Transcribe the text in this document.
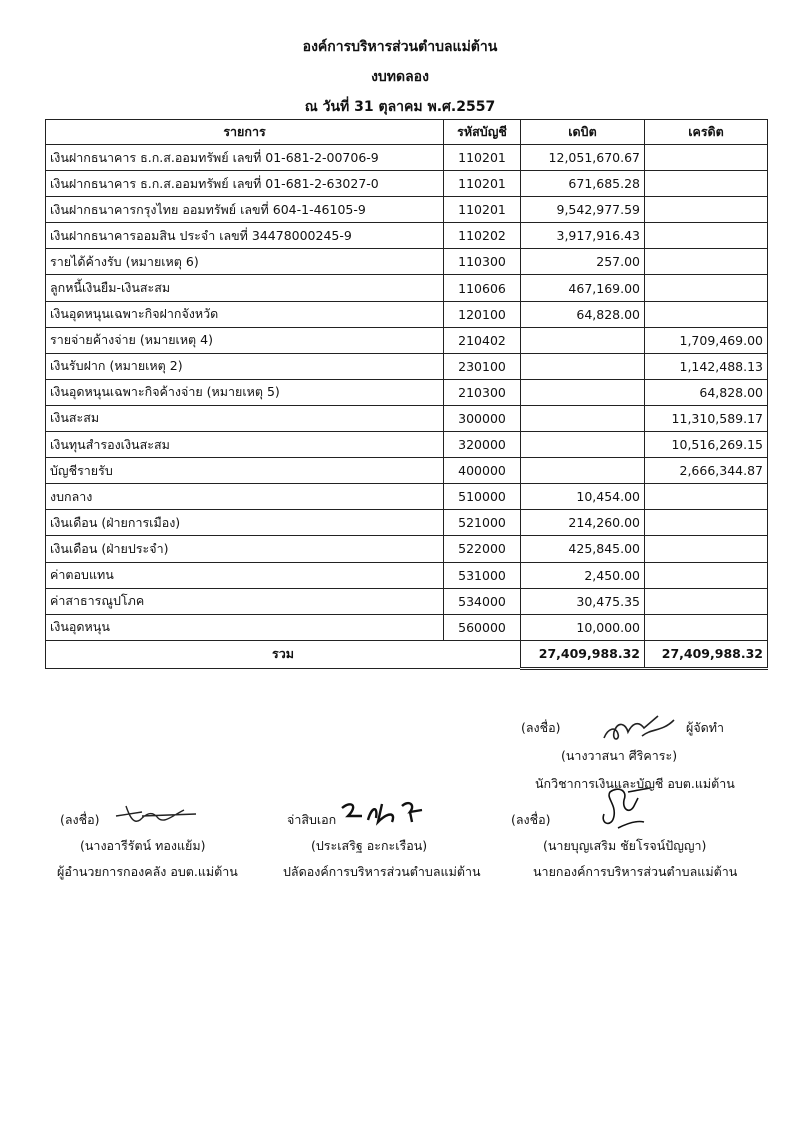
องค์การบริหารส่วนตำบลแม่ต้าน
งบทดลอง
ณ วันที่ 31 ตุลาคม พ.ศ.2557
รายการ	รหัสบัญชี	เดบิต	เครดิต
เงินฝากธนาคาร ธ.ก.ส.ออมทรัพย์ เลขที่ 01-681-2-00706-9	110201	12,051,670.67	
เงินฝากธนาคาร ธ.ก.ส.ออมทรัพย์ เลขที่ 01-681-2-63027-0	110201	671,685.28	
เงินฝากธนาคารกรุงไทย ออมทรัพย์ เลขที่ 604-1-46105-9	110201	9,542,977.59	
เงินฝากธนาคารออมสิน ประจำ เลขที่ 34478000245-9	110202	3,917,916.43	
รายได้ค้างรับ (หมายเหตุ 6)	110300	257.00	
ลูกหนี้เงินยืม-เงินสะสม	110606	467,169.00	
เงินอุดหนุนเฉพาะกิจฝากจังหวัด	120100	64,828.00	
รายจ่ายค้างจ่าย (หมายเหตุ 4)	210402		1,709,469.00
เงินรับฝาก (หมายเหตุ 2)	230100		1,142,488.13
เงินอุดหนุนเฉพาะกิจค้างจ่าย (หมายเหตุ 5)	210300		64,828.00
เงินสะสม	300000		11,310,589.17
เงินทุนสำรองเงินสะสม	320000		10,516,269.15
บัญชีรายรับ	400000		2,666,344.87
งบกลาง	510000	10,454.00	
เงินเดือน (ฝ่ายการเมือง)	521000	214,260.00	
เงินเดือน (ฝ่ายประจำ)	522000	425,845.00	
ค่าตอบแทน	531000	2,450.00	
ค่าสาธารณูปโภค	534000	30,475.35	
เงินอุดหนุน	560000	10,000.00	
รวม		27,409,988.32	27,409,988.32
(ลงชื่อ)	ผู้จัดทำ
(นางวาสนา ศีริคาระ)
นักวิชาการเงินและบัญชี อบต.แม่ต้าน
(ลงชื่อ)
(นางอารีรัตน์ ทองแย้ม)
ผู้อำนวยการกองคลัง อบต.แม่ต้าน
จ่าสิบเอก
(ประเสริฐ อะกะเรือน)
ปลัดองค์การบริหารส่วนตำบลแม่ต้าน
(ลงชื่อ)
(นายบุญเสริม ชัยโรจน์ปัญญา)
นายกองค์การบริหารส่วนตำบลแม่ต้าน
